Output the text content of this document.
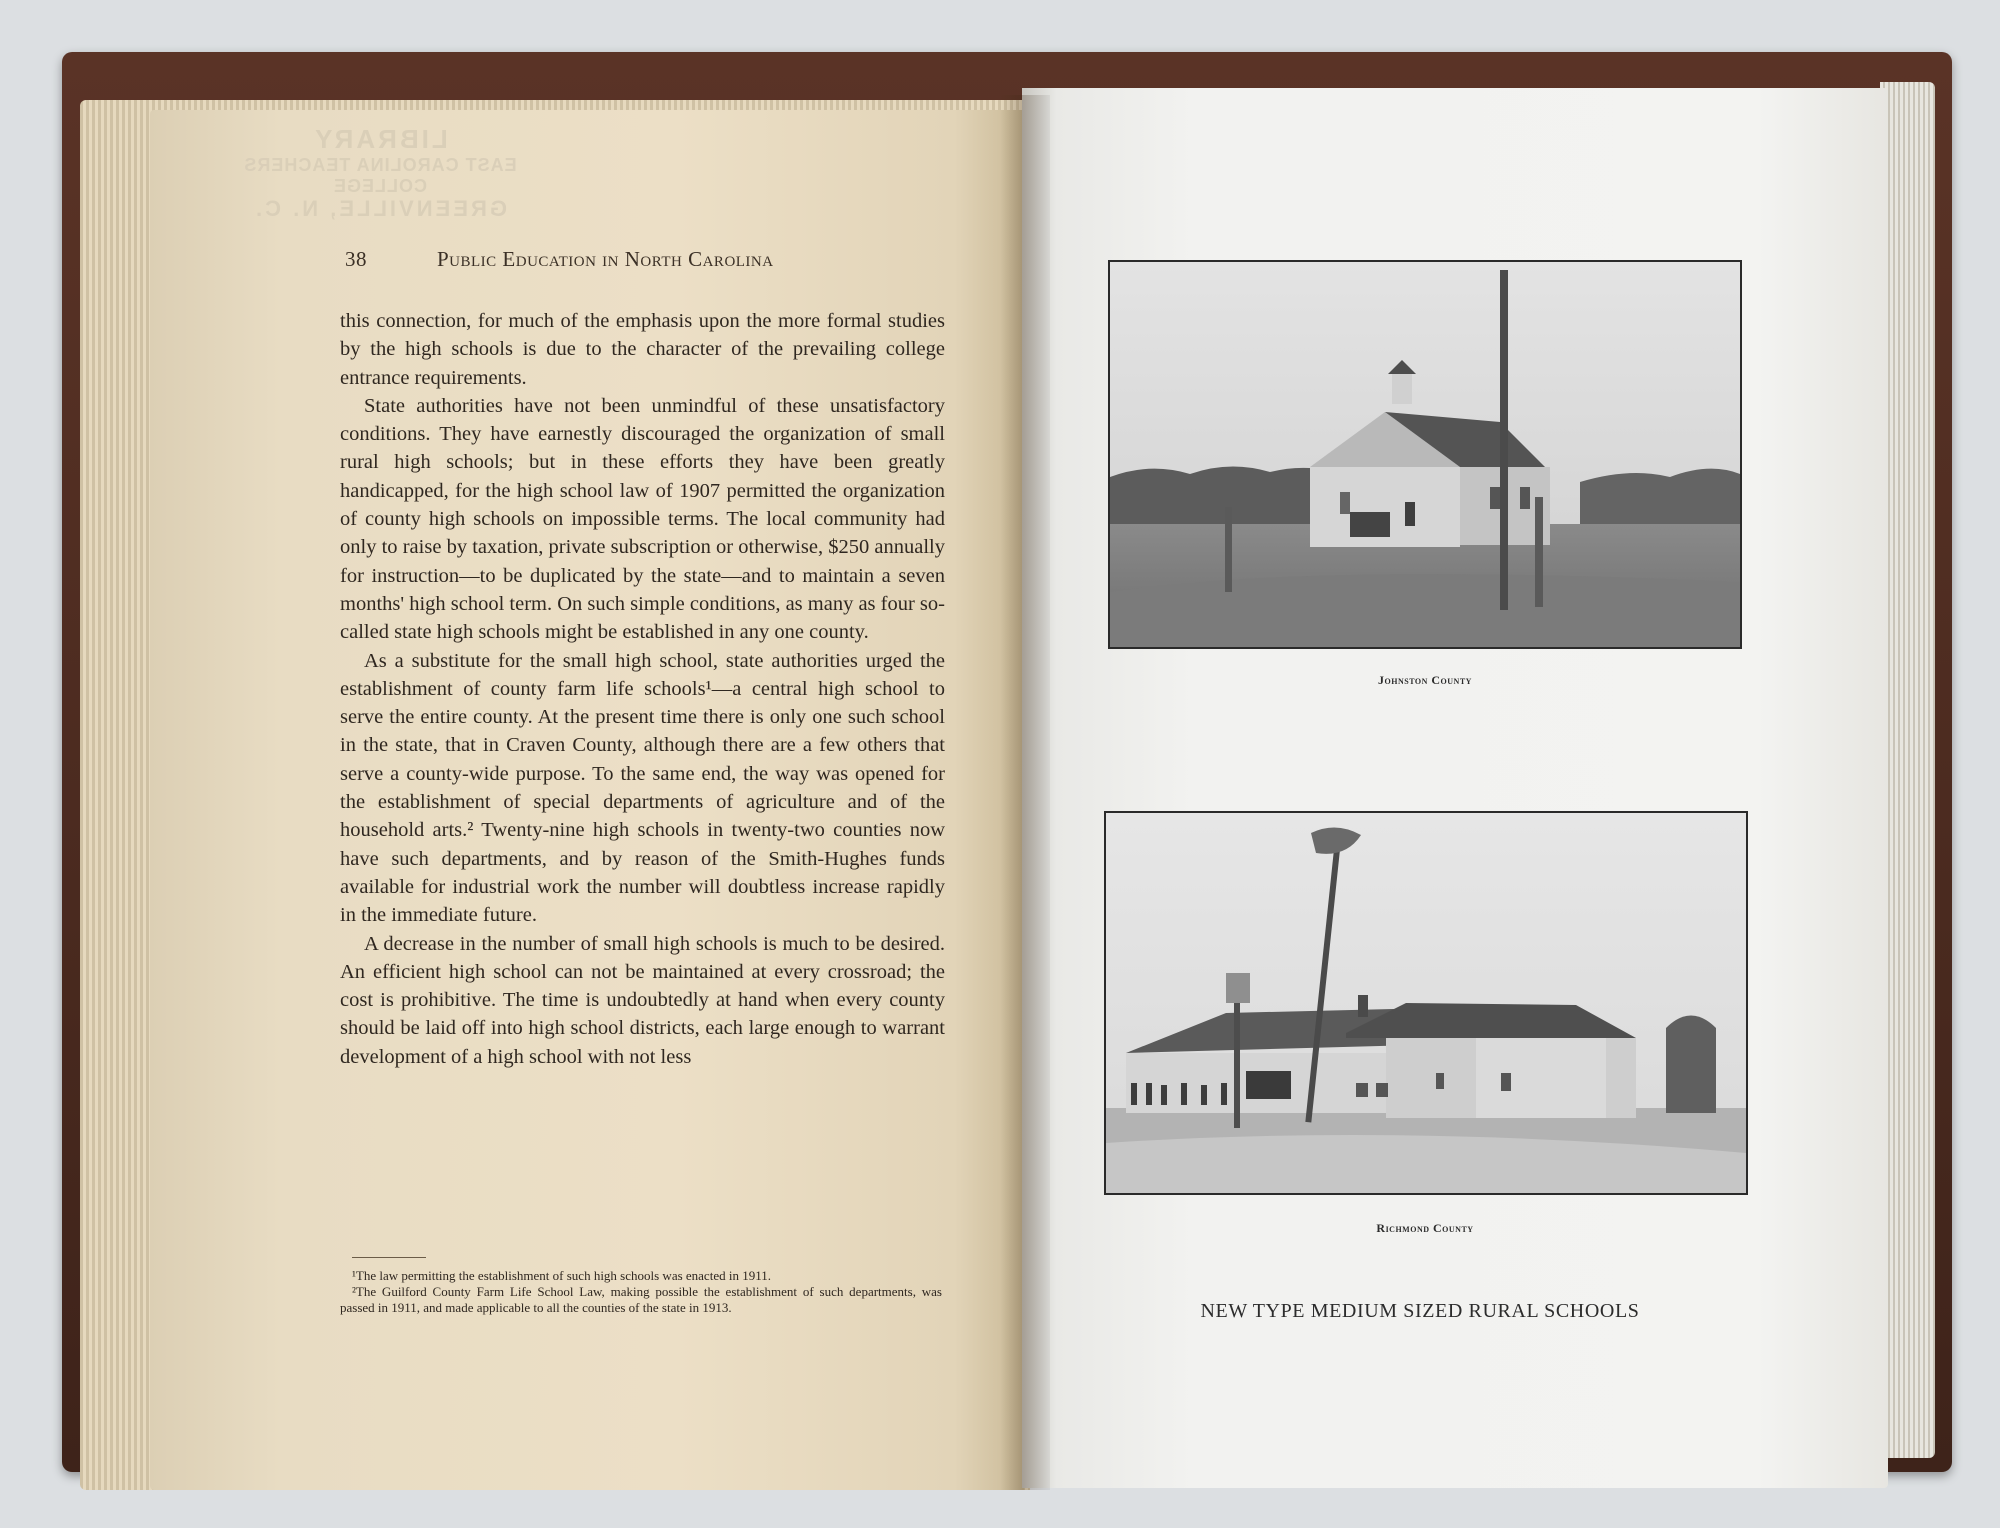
LIBRARY
EAST CAROLINA TEACHERS COLLEGE
GREENVILLE, N. C.
38	Public Education in North Carolina

this connection, for much of the emphasis upon the more formal studies by the high schools is due to the character of the prevailing college entrance requirements.

State authorities have not been unmindful of these unsatisfactory conditions. They have earnestly discouraged the organization of small rural high schools; but in these efforts they have been greatly handicapped, for the high school law of 1907 permitted the organization of county high schools on impossible terms. The local community had only to raise by taxation, private subscription or otherwise, $250 annually for instruction—to be duplicated by the state—and to maintain a seven months' high school term. On such simple conditions, as many as four so-called state high schools might be established in any one county.

As a substitute for the small high school, state authorities urged the establishment of county farm life schools¹—a central high school to serve the entire county. At the present time there is only one such school in the state, that in Craven County, although there are a few others that serve a county-wide purpose. To the same end, the way was opened for the establishment of special departments of agriculture and of the household arts.² Twenty-nine high schools in twenty-two counties now have such departments, and by reason of the Smith-Hughes funds available for industrial work the number will doubtless increase rapidly in the immediate future.

A decrease in the number of small high schools is much to be desired. An efficient high school can not be maintained at every crossroad; the cost is prohibitive. The time is undoubtedly at hand when every county should be laid off into high school districts, each large enough to warrant development of a high school with not less

¹The law permitting the establishment of such high schools was enacted in 1911.

²The Guilford County Farm Life School Law, making possible the establishment of such departments, was passed in 1911, and made applicable to all the counties of the state in 1913.

Johnston County
Richmond County
NEW TYPE MEDIUM SIZED RURAL SCHOOLS
